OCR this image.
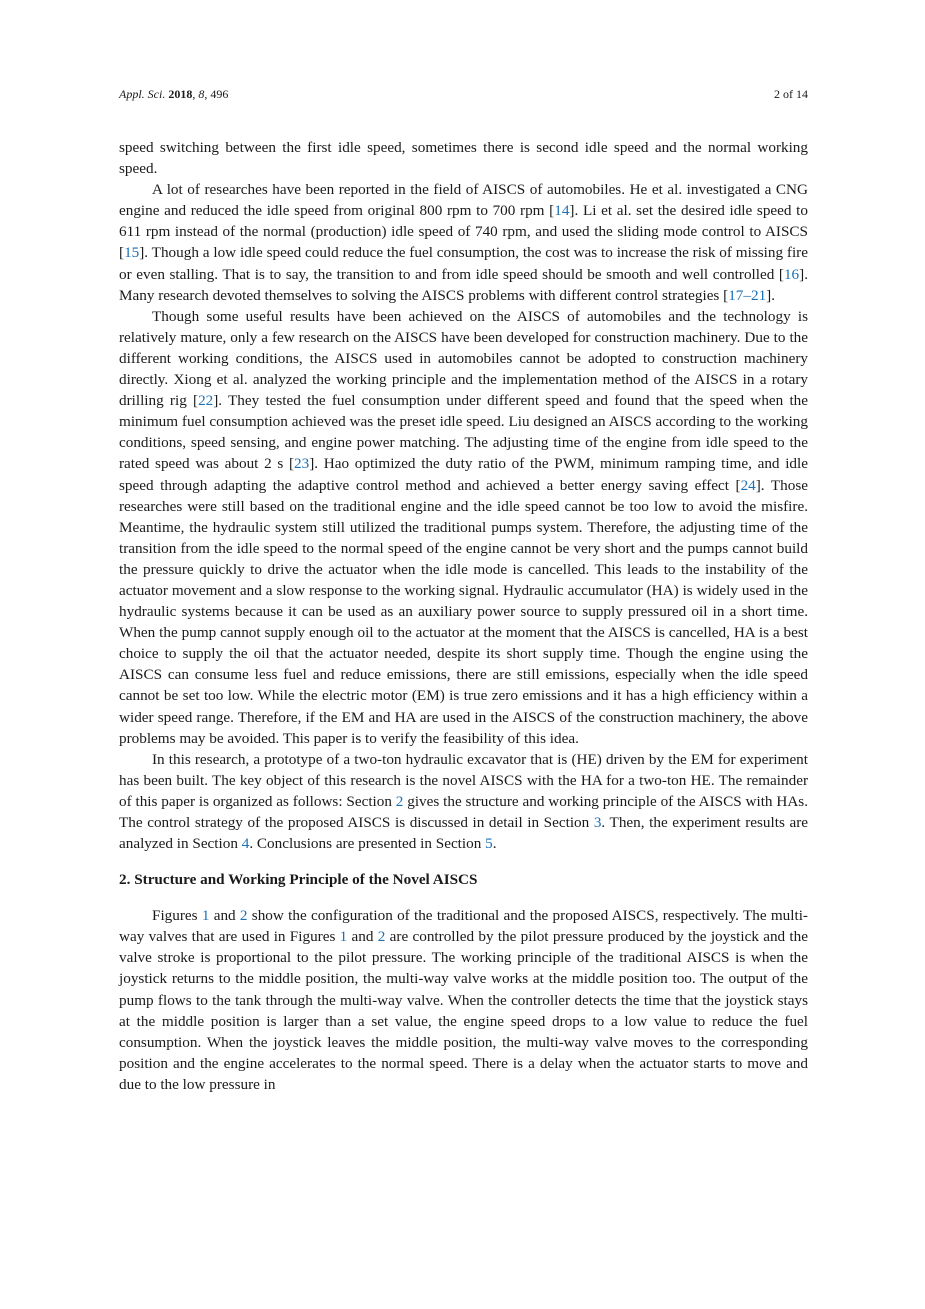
Appl. Sci. 2018, 8, 496	2 of 14

speed switching between the first idle speed, sometimes there is second idle speed and the normal working speed.

A lot of researches have been reported in the field of AISCS of automobiles. He et al. investigated a CNG engine and reduced the idle speed from original 800 rpm to 700 rpm [14]. Li et al. set the desired idle speed to 611 rpm instead of the normal (production) idle speed of 740 rpm, and used the sliding mode control to AISCS [15]. Though a low idle speed could reduce the fuel consumption, the cost was to increase the risk of missing fire or even stalling. That is to say, the transition to and from idle speed should be smooth and well controlled [16]. Many research devoted themselves to solving the AISCS problems with different control strategies [17–21].

Though some useful results have been achieved on the AISCS of automobiles and the technology is relatively mature, only a few research on the AISCS have been developed for construction machinery. Due to the different working conditions, the AISCS used in automobiles cannot be adopted to construction machinery directly. Xiong et al. analyzed the working principle and the implementation method of the AISCS in a rotary drilling rig [22]. They tested the fuel consumption under different speed and found that the speed when the minimum fuel consumption achieved was the preset idle speed. Liu designed an AISCS according to the working conditions, speed sensing, and engine power matching. The adjusting time of the engine from idle speed to the rated speed was about 2 s [23]. Hao optimized the duty ratio of the PWM, minimum ramping time, and idle speed through adapting the adaptive control method and achieved a better energy saving effect [24]. Those researches were still based on the traditional engine and the idle speed cannot be too low to avoid the misfire. Meantime, the hydraulic system still utilized the traditional pumps system. Therefore, the adjusting time of the transition from the idle speed to the normal speed of the engine cannot be very short and the pumps cannot build the pressure quickly to drive the actuator when the idle mode is cancelled. This leads to the instability of the actuator movement and a slow response to the working signal. Hydraulic accumulator (HA) is widely used in the hydraulic systems because it can be used as an auxiliary power source to supply pressured oil in a short time. When the pump cannot supply enough oil to the actuator at the moment that the AISCS is cancelled, HA is a best choice to supply the oil that the actuator needed, despite its short supply time. Though the engine using the AISCS can consume less fuel and reduce emissions, there are still emissions, especially when the idle speed cannot be set too low. While the electric motor (EM) is true zero emissions and it has a high efficiency within a wider speed range. Therefore, if the EM and HA are used in the AISCS of the construction machinery, the above problems may be avoided. This paper is to verify the feasibility of this idea.

In this research, a prototype of a two-ton hydraulic excavator that is (HE) driven by the EM for experiment has been built. The key object of this research is the novel AISCS with the HA for a two-ton HE. The remainder of this paper is organized as follows: Section 2 gives the structure and working principle of the AISCS with HAs. The control strategy of the proposed AISCS is discussed in detail in Section 3. Then, the experiment results are analyzed in Section 4. Conclusions are presented in Section 5.

2. Structure and Working Principle of the Novel AISCS

Figures 1 and 2 show the configuration of the traditional and the proposed AISCS, respectively. The multi-way valves that are used in Figures 1 and 2 are controlled by the pilot pressure produced by the joystick and the valve stroke is proportional to the pilot pressure. The working principle of the traditional AISCS is when the joystick returns to the middle position, the multi-way valve works at the middle position too. The output of the pump flows to the tank through the multi-way valve. When the controller detects the time that the joystick stays at the middle position is larger than a set value, the engine speed drops to a low value to reduce the fuel consumption. When the joystick leaves the middle position, the multi-way valve moves to the corresponding position and the engine accelerates to the normal speed. There is a delay when the actuator starts to move and due to the low pressure in
